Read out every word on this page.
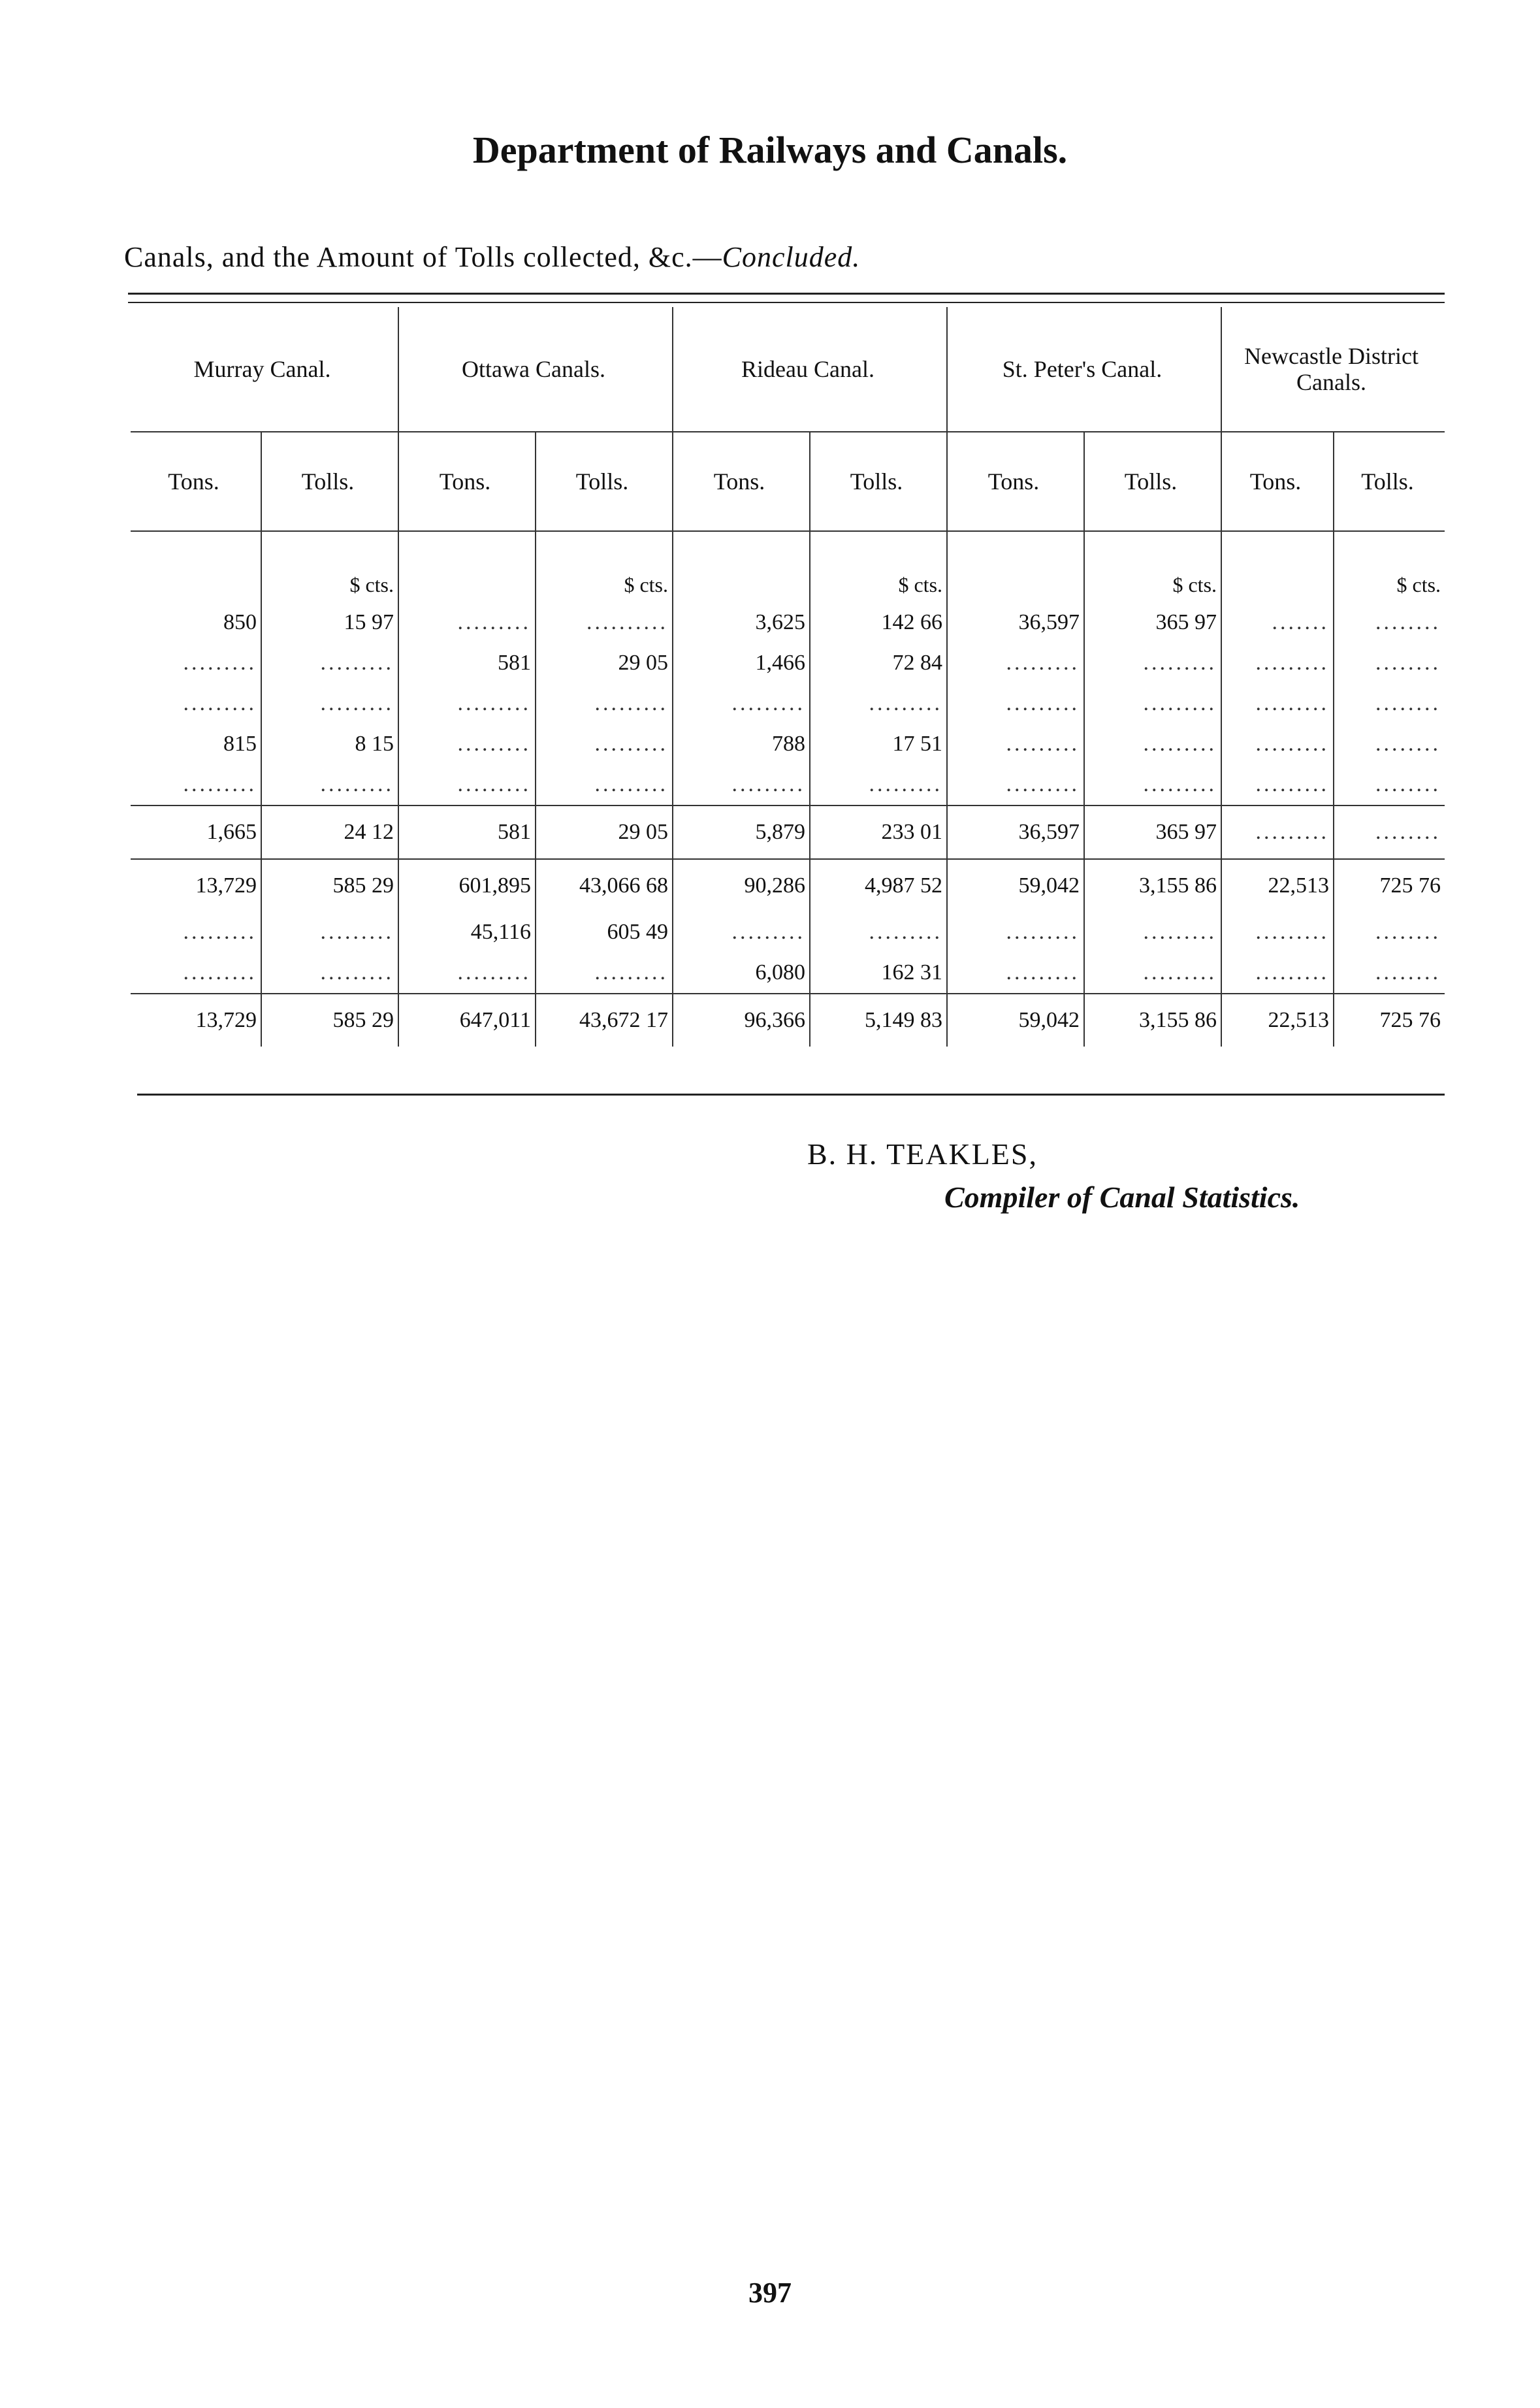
Department of Railways and Canals.
Canals, and the Amount of Tolls collected, &c.—Concluded.
Murray Canal.		Ottawa Canals.		Rideau Canal.		St. Peter's Canal.		Newcastle District Canals.	
Tons.	Tolls.	Tons.	Tolls.	Tons.	Tolls.	Tons.	Tolls.	Tons.	Tolls.
	$ cts.		$ cts.		$ cts.		$ cts.		$ cts.
850	15 97	.........	..........	3,625	142 66	36,597	365 97	.......	........
.........	.........	581	29 05	1,466	72 84	.........	.........	.........	........
.........	.........	.........	.........	.........	.........	.........	.........	.........	........
815	8 15	.........	.........	788	17 51	.........	.........	.........	........
.........	.........	.........	.........	.........	.........	.........	.........	.........	........
1,665	24 12	581	29 05	5,879	233 01	36,597	365 97	.........	........
13,729	585 29	601,895	43,066 68	90,286	4,987 52	59,042	3,155 86	22,513	725 76
.........	.........	45,116	605 49	.........	.........	.........	.........	.........	........
.........	.........	.........	.........	6,080	162 31	.........	.........	.........	........
13,729	585 29	647,011	43,672 17	96,366	5,149 83	59,042	3,155 86	22,513	725 76
B. H. TEAKLES,
Compiler of Canal Statistics.
397
